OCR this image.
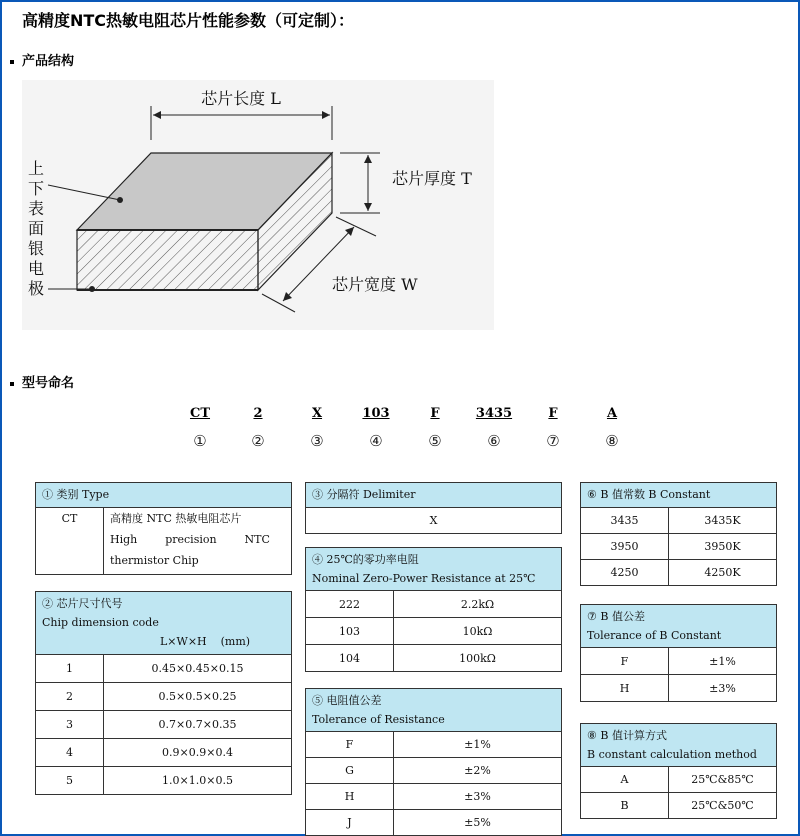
高精度NTC热敏电阻芯片性能参数（可定制）：
产品结构
芯片长度 L
芯片厚度 T
芯片宽度 W
上
下
表
面
银
电
极
型号命名
CT	2	X	103	F	3435	F	A
①	②	③	④	⑤	⑥	⑦	⑧
① 类别 Type
CT	高精度 NTC 热敏电阻芯片
High        precision        NTC
thermistor Chip
② 芯片尺寸代号
Chip dimension code
L×W×H    (mm)	

1	0.45×0.45×0.15
2	0.5×0.5×0.25
3	0.7×0.7×0.35
4	0.9×0.9×0.4
5	1.0×1.0×0.5
③ 分隔符 Delimiter
X
④ 25℃的零功率电阻
Nominal Zero-Power Resistance at 25℃	

222	2.2kΩ
103	10kΩ
104	100kΩ
⑤ 电阻值公差
Tolerance of Resistance	

F	±1%
G	±2%
H	±3%
J	±5%
⑥ B 值常数 B Constant	
3435	3435K
3950	3950K
4250	4250K
⑦ B 值公差
Tolerance of B Constant	

F	±1%
H	±3%
⑧ B 值计算方式
B constant calculation method	

A	25℃&85℃
B	25℃&50℃
